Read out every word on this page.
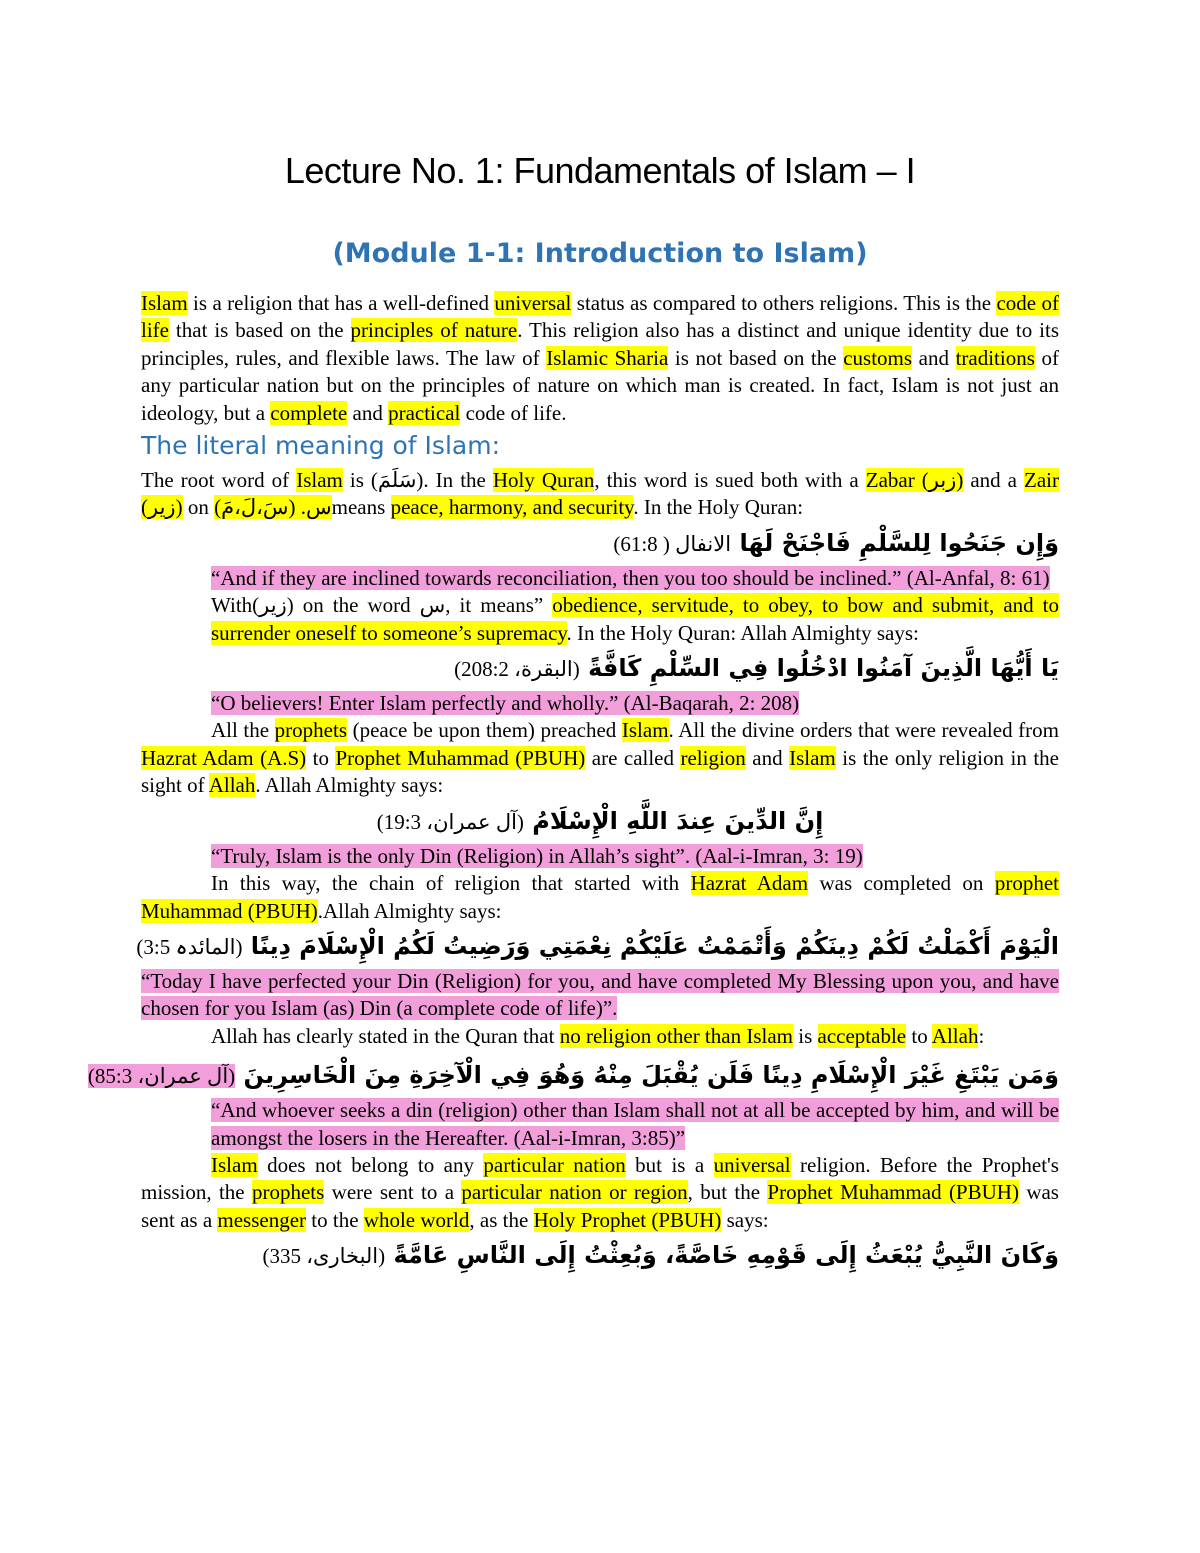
Lecture No. 1: Fundamentals of Islam – I
(Module 1-1: Introduction to Islam)

Islam is a religion that has a well-defined universal status as compared to others religions. This is the code of life that is based on the principles of nature. This religion also has a distinct and unique identity due to its principles, rules, and flexible laws. The law of Islamic Sharia is not based on the customs and traditions of any particular nation but on the principles of nature on which man is created. In fact, Islam is not just an ideology, but a complete and practical code of life.

The literal meaning of Islam:

The root word of Islam is (سَلَمَ). In the Holy Quran, this word is sued both with a Zabar (زبر) and a Zair (زیر) on	س. (سَ،لَ،مَ) means peace, harmony, and security. In the Holy Quran:

وَإِن جَنَحُوا لِلسَّلْمِ فَاجْنَحْ لَهَا الانفال ( 61:8)

“And if they are inclined towards reconciliation, then you too should be inclined.” (Al-Anfal, 8: 61)

With(زیر) on the word س, it means” obedience, servitude, to obey, to bow and submit, and to surrender oneself to someone’s supremacy. In the Holy Quran: Allah Almighty says:

يَا أَيُّهَا الَّذِينَ آمَنُوا ادْخُلُوا فِي السِّلْمِ كَافَّةً (البقرة، 208:2)

“O believers! Enter Islam perfectly and wholly.” (Al-Baqarah, 2: 208)

All the prophets (peace be upon them) preached Islam. All the divine orders that were revealed from Hazrat Adam (A.S) to Prophet Muhammad (PBUH) are called religion and Islam is the only religion in the sight of Allah. Allah Almighty says:

إِنَّ الدِّينَ عِندَ اللَّهِ الْإِسْلَامُ (آل عمران، 19:3)

“Truly, Islam is the only Din (Religion) in Allah’s sight”. (Aal-i-Imran, 3: 19)

In this way, the chain of religion that started with Hazrat Adam was completed on prophet Muhammad (PBUH).Allah Almighty says:

الْيَوْمَ أَكْمَلْتُ لَكُمْ دِينَكُمْ وَأَتْمَمْتُ عَلَيْكُمْ نِعْمَتِي وَرَضِيتُ لَكُمُ الْإِسْلَامَ دِينًا (المائدہ 3:5)

“Today I have perfected your Din (Religion) for you, and have completed My Blessing upon you, and have chosen for you Islam (as) Din (a complete code of life)”.

Allah has clearly stated in the Quran that no religion other than Islam is acceptable to Allah:

وَمَن يَبْتَغِ غَيْرَ الْإِسْلَامِ دِينًا فَلَن يُقْبَلَ مِنْهُ وَهُوَ فِي الْآخِرَةِ مِنَ الْخَاسِرِينَ (آل عمران، 85:3)

“And whoever seeks a din (religion) other than Islam shall not at all be accepted by him, and will be amongst the losers in the Hereafter. (Aal-i-Imran, 3:85)”

Islam does not belong to any particular nation but is a universal religion. Before the Prophet's mission, the prophets were sent to a particular nation or region, but the Prophet Muhammad (PBUH) was sent as a messenger to the whole world, as the Holy Prophet (PBUH) says:

وَكَانَ النَّبِيُّ يُبْعَثُ إِلَى قَوْمِهِ خَاصَّةً، وَبُعِثْتُ إِلَى النَّاسِ عَامَّةً (البخاری، 335)
